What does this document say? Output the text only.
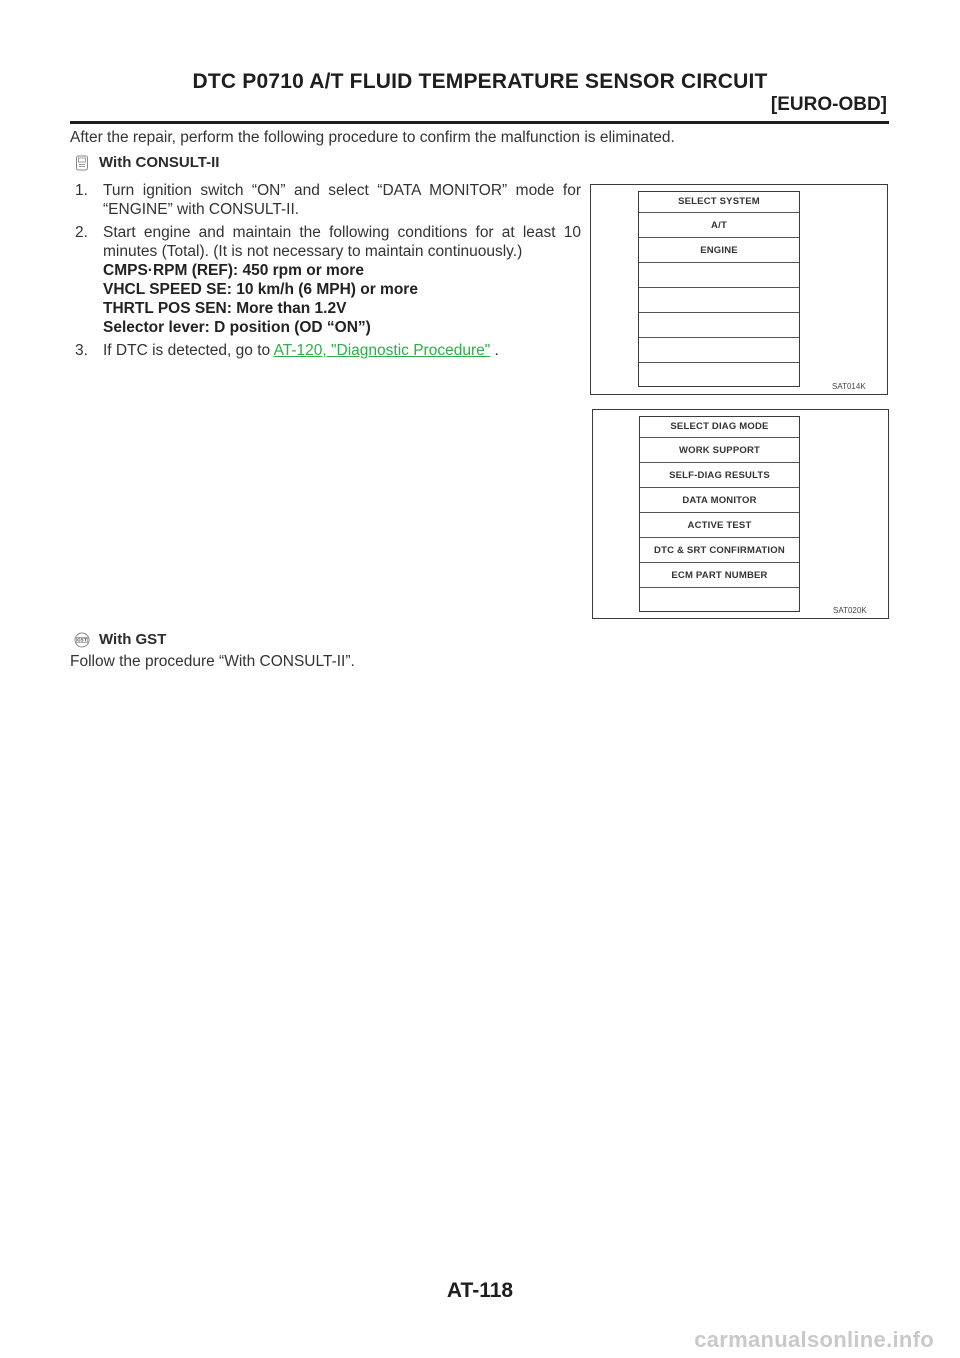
DTC P0710 A/T FLUID TEMPERATURE SENSOR CIRCUIT
[EURO-OBD]
After the repair, perform the following procedure to confirm the malfunction is eliminated.
With CONSULT-II
1. Turn ignition switch “ON” and select “DATA MONITOR” mode for “ENGINE” with CONSULT-II.
2. Start engine and maintain the following conditions for at least 10 minutes (Total). (It is not necessary to maintain continuously.)
CMPS·RPM (REF): 450 rpm or more
VHCL SPEED SE: 10 km/h (6 MPH) or more
THRTL POS SEN: More than 1.2V
Selector lever: D position (OD “ON”)
3. If DTC is detected, go to AT-120, "Diagnostic Procedure" .
SELECT SYSTEM
A/T
ENGINE
SAT014K
SELECT DIAG MODE
WORK SUPPORT
SELF-DIAG RESULTS
DATA MONITOR
ACTIVE TEST
DTC & SRT CONFIRMATION
ECM PART NUMBER
SAT020K
GST With GST
Follow the procedure “With CONSULT-II”.
AT-118
carmanualsonline.info
